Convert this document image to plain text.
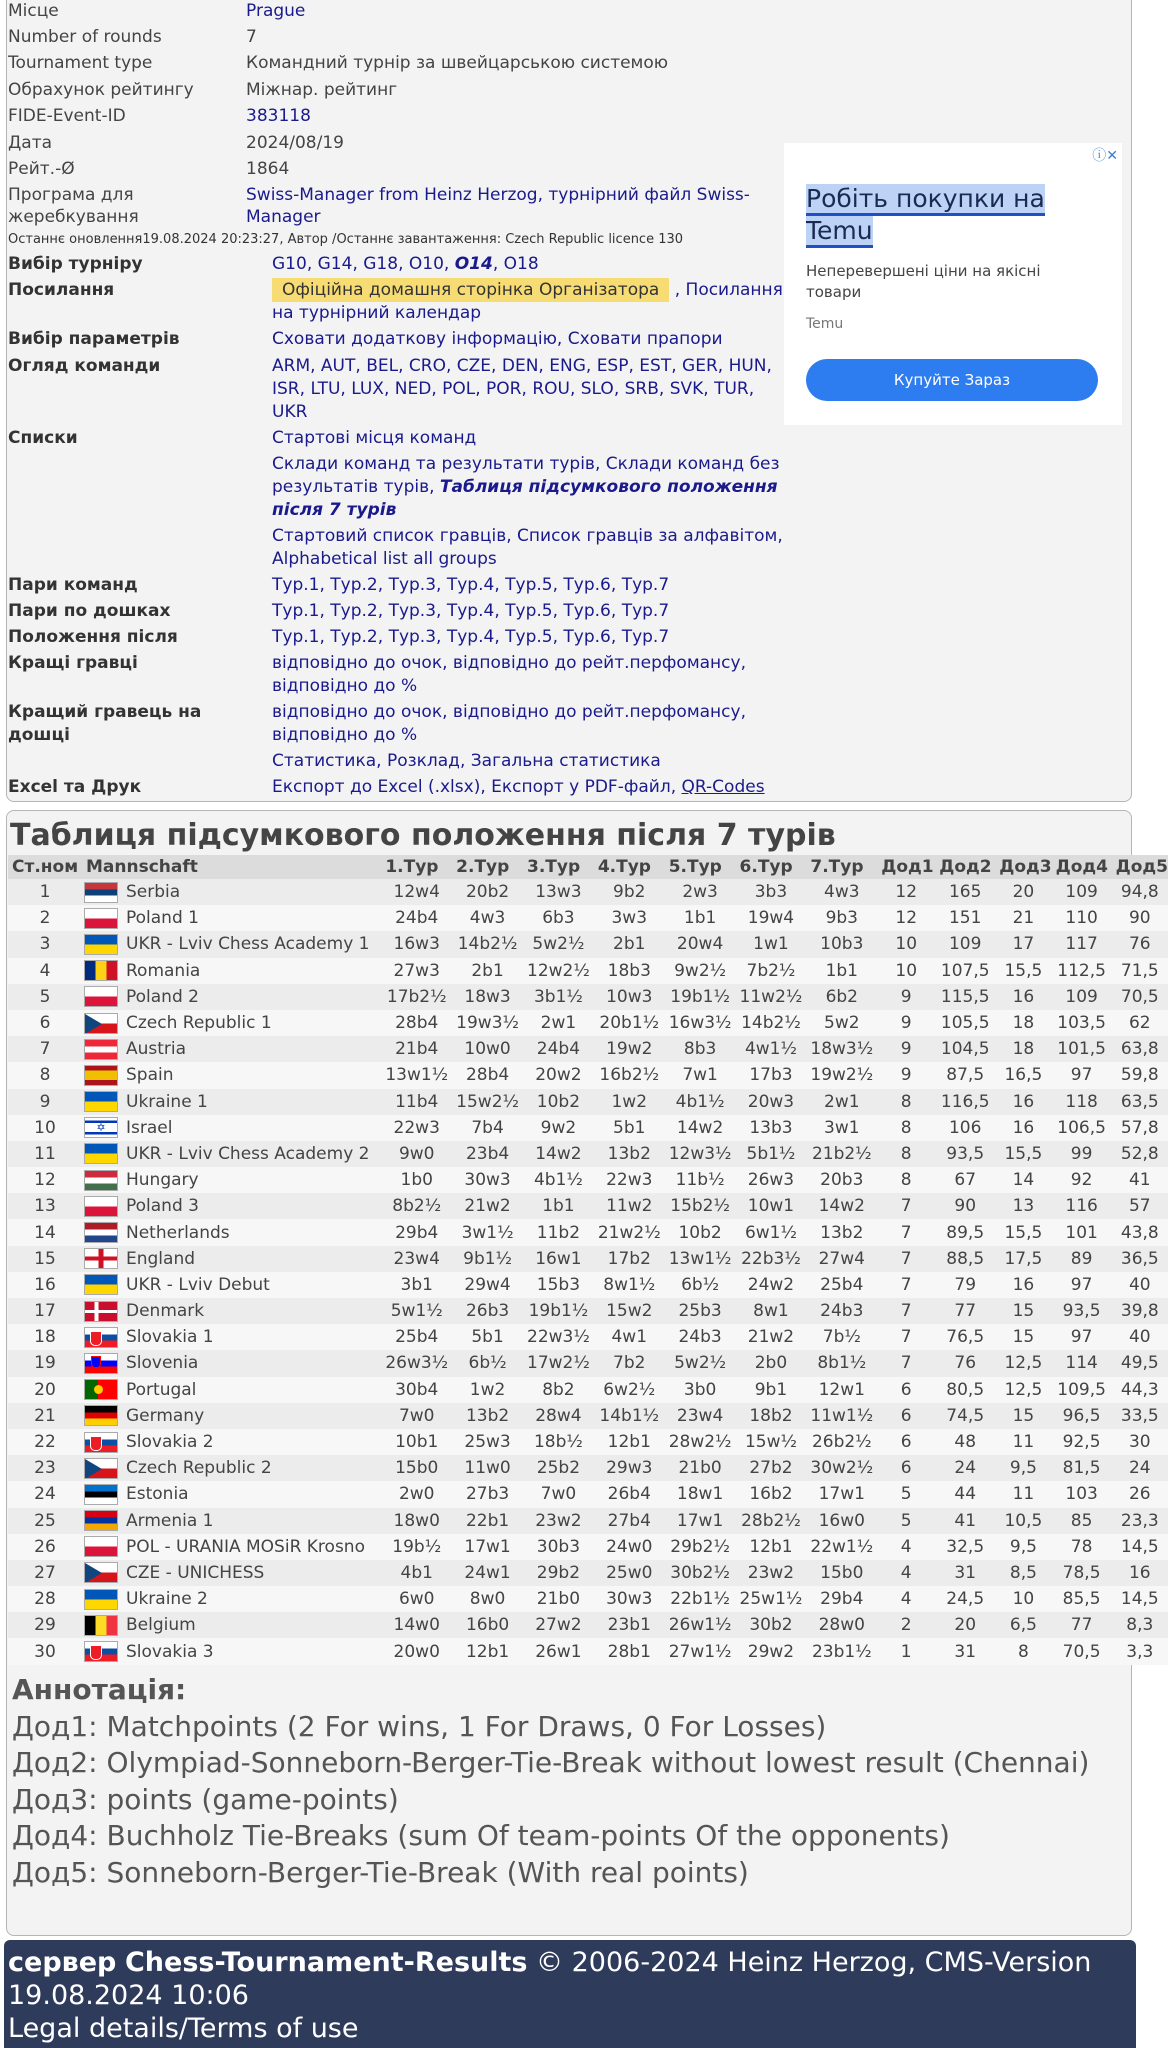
Місце	Prague
Number of rounds	7
Tournament type	Командний турнір за швейцарською системою
Обрахунок рейтингу	Міжнар. рейтинг
FIDE-Event-ID	383118
Дата	2024/08/19
Рейт.-Ø	1864
Програма для жеребкування
Swiss-Manager from Heinz Herzog, турнірний файл Swiss-Manager
Останнє оновлення19.08.2024 20:23:27, Автор /Останнє завантаження: Czech Republic licence 130
Вибір турніру	G10, G14, G18, O10, O14, O18
Посилання	Офіційна домашня сторінка Організатора , Посилання на турнірний календар
Вибір параметрів	Сховати додаткову інформацію, Сховати прапори
Огляд команди	ARM, AUT, BEL, CRO, CZE, DEN, ENG, ESP, EST, GER, HUN, ISR, LTU, LUX, NED, POL, POR, ROU, SLO, SRB, SVK, TUR, UKR
Списки	Стартові місця команд
Склади команд та результати турів, Склади команд без результатів турів, Таблиця підсумкового положення після 7 турів
Стартовий список гравців, Список гравців за алфавітом, Alphabetical list all groups
Пари команд	Тур.1, Тур.2, Тур.3, Тур.4, Тур.5, Тур.6, Тур.7
Пари по дошках	Тур.1, Тур.2, Тур.3, Тур.4, Тур.5, Тур.6, Тур.7
Положення після	Тур.1, Тур.2, Тур.3, Тур.4, Тур.5, Тур.6, Тур.7
Кращі гравці	відповідно до очок, відповідно до рейт.перфомансу, відповідно до %
Кращий гравець на дошці
відповідно до очок, відповідно до рейт.перфомансу, відповідно до %
Статистика, Розклад, Загальна статистика
Excel та Друк	Експорт до Excel (.xlsx), Експорт у PDF-файл, QR-Codes
ⓘ✕
Робіть покупки на Temu
Неперевершені ціни на якісні товари
Temu
Купуйте Зараз
Таблиця підсумкового положення після 7 турів
Ст.ном	Mannschaft		1.Тур	2.Тур	3.Тур	4.Тур	5.Тур	6.Тур	7.Тур	Дод1	Дод2	Дод3	Дод4	Дод5
1		Serbia	12w4	20b2	13w3	9b2	2w3	3b3	4w3	12	165	20	109	94,8
2		Poland 1	24b4	4w3	6b3	3w3	1b1	19w4	9b3	12	151	21	110	90
3		UKR - Lviv Chess Academy 1	16w3	14b2½	5w2½	2b1	20w4	1w1	10b3	10	109	17	117	76
4		Romania	27w3	2b1	12w2½	18b3	9w2½	7b2½	1b1	10	107,5	15,5	112,5	71,5
5		Poland 2	17b2½	18w3	3b1½	10w3	19b1½	11w2½	6b2	9	115,5	16	109	70,5
6		Czech Republic 1	28b4	19w3½	2w1	20b1½	16w3½	14b2½	5w2	9	105,5	18	103,5	62
7		Austria	21b4	10w0	24b4	19w2	8b3	4w1½	18w3½	9	104,5	18	101,5	63,8
8		Spain	13w1½	28b4	20w2	16b2½	7w1	17b3	19w2½	9	87,5	16,5	97	59,8
9		Ukraine 1	11b4	15w2½	10b2	1w2	4b1½	20w3	2w1	8	116,5	16	118	63,5
10	✡	Israel	22w3	7b4	9w2	5b1	14w2	13b3	3w1	8	106	16	106,5	57,8
11		UKR - Lviv Chess Academy 2	9w0	23b4	14w2	13b2	12w3½	5b1½	21b2½	8	93,5	15,5	99	52,8
12		Hungary	1b0	30w3	4b1½	22w3	11b½	26w3	20b3	8	67	14	92	41
13		Poland 3	8b2½	21w2	1b1	11w2	15b2½	10w1	14w2	7	90	13	116	57
14		Netherlands	29b4	3w1½	11b2	21w2½	10b2	6w1½	13b2	7	89,5	15,5	101	43,8
15		England	23w4	9b1½	16w1	17b2	13w1½	22b3½	27w4	7	88,5	17,5	89	36,5
16		UKR - Lviv Debut	3b1	29w4	15b3	8w1½	6b½	24w2	25b4	7	79	16	97	40
17		Denmark	5w1½	26b3	19b1½	15w2	25b3	8w1	24b3	7	77	15	93,5	39,8
18		Slovakia 1	25b4	5b1	22w3½	4w1	24b3	21w2	7b½	7	76,5	15	97	40
19		Slovenia	26w3½	6b½	17w2½	7b2	5w2½	2b0	8b1½	7	76	12,5	114	49,5
20		Portugal	30b4	1w2	8b2	6w2½	3b0	9b1	12w1	6	80,5	12,5	109,5	44,3
21		Germany	7w0	13b2	28w4	14b1½	23w4	18b2	11w1½	6	74,5	15	96,5	33,5
22		Slovakia 2	10b1	25w3	18b½	12b1	28w2½	15w½	26b2½	6	48	11	92,5	30
23		Czech Republic 2	15b0	11w0	25b2	29w3	21b0	27b2	30w2½	6	24	9,5	81,5	24
24		Estonia	2w0	27b3	7w0	26b4	18w1	16b2	17w1	5	44	11	103	26
25		Armenia 1	18w0	22b1	23w2	27b4	17w1	28b2½	16w0	5	41	10,5	85	23,3
26		POL - URANIA MOSiR Krosno	19b½	17w1	30b3	24w0	29b2½	12b1	22w1½	4	32,5	9,5	78	14,5
27		CZE - UNICHESS	4b1	24w1	29b2	25w0	30b2½	23w2	15b0	4	31	8,5	78,5	16
28		Ukraine 2	6w0	8w0	21b0	30w3	22b1½	25w1½	29b4	4	24,5	10	85,5	14,5
29		Belgium	14w0	16b0	27w2	23b1	26w1½	30b2	28w0	2	20	6,5	77	8,3
30		Slovakia 3	20w0	12b1	26w1	28b1	27w1½	29w2	23b1½	1	31	8	70,5	3,3
Аннотація:
Дод1: Matchpoints (2 For wins, 1 For Draws, 0 For Losses)
Дод2: Olympiad-Sonneborn-Berger-Tie-Break without lowest result (Chennai)
Дод3: points (game-points)
Дод4: Buchholz Tie-Breaks (sum Of team-points Of the opponents)
Дод5: Sonneborn-Berger-Tie-Break (With real points)
сервер Chess-Tournament-Results © 2006-2024 Heinz Herzog, CMS-Version 19.08.2024 10:06
Legal details/Terms of use
